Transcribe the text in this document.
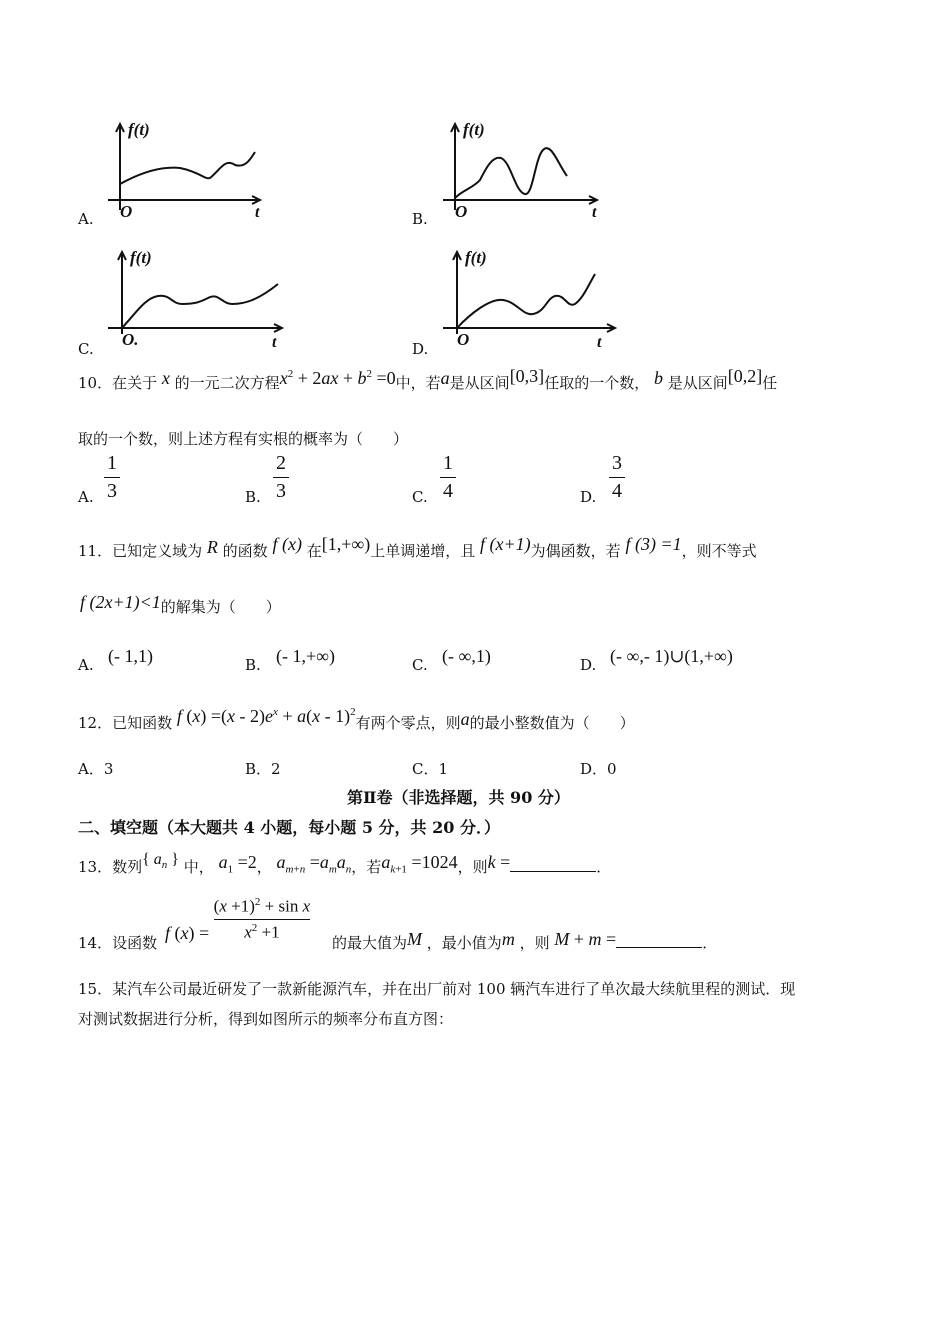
f(t)
O	t
A.
f(t)
O	t
B.
f(t)
O.	t
C.
f(t)
O	t
D.
10．在关于 x 的一元二次方程$x^2 + 2ax + b^2 =0$中，若a是从区间[0,3]任取的一个数， b 是从区间[0,2]任
取的一个数，则上述方程有实根的概率为（　　）
A.
1
3	B.
2
3	C.
1
4	D.
3
4
11．已知定义域为 R 的函数 f (x) 在[1,+∞)上单调递增，且 f (x+1)为偶函数，若 f (3) =1，则不等式
f (2x+1)<1的解集为（　　）
A. (- 1,1)	B. (- 1,+∞)	C. (- ∞,1)	D. (- ∞,- 1)∪(1,+∞)
12．已知函数 f $(x) =(x - 2)e^x + a(x - 1)^2$有两个零点，则a的最小整数值为（　　）
A．3	B．2	C．1	D．0
第Ⅱ卷（非选择题，共 90 分）
二、填空题（本大题共 4 小题，每小题 5 分，共 20 分．）
13．数列{ $a_n$ } 中， $a_1 =2$， $a_{m+n} =a_ma_n$，若$a_{k+1} =1024$，则k =	．
14．设函数 f $(x) = \frac{(x +1)^2 + \sin x}{x^2 +1}$
的最大值为M ，最小值为m ，则 M + m =	．
15．某汽车公司最近研发了一款新能源汽车，并在出厂前对 100 辆汽车进行了单次最大续航里程的测试．现
对测试数据进行分析，得到如图所示的频率分布直方图：
